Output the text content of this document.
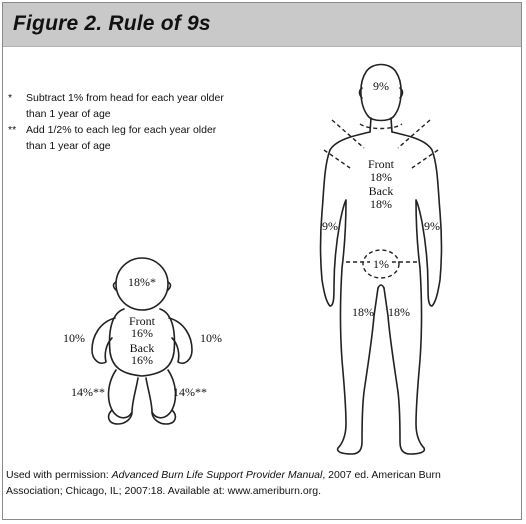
Figure 2. Rule of 9s
* Subtract 1% from head for each year older
than 1 year of age
** Add 1/2% to each leg for each year older
than 1 year of age
18%*
Front
16%
Back
16%
10%	10%
14%**	14%**
9%
Front
18%
Back
18%
9%	9%
1%
18% 18%
Used with permission: Advanced Burn Life Support Provider Manual, 2007 ed. American Burn
Association; Chicago, IL; 2007:18. Available at: www.ameriburn.org.
